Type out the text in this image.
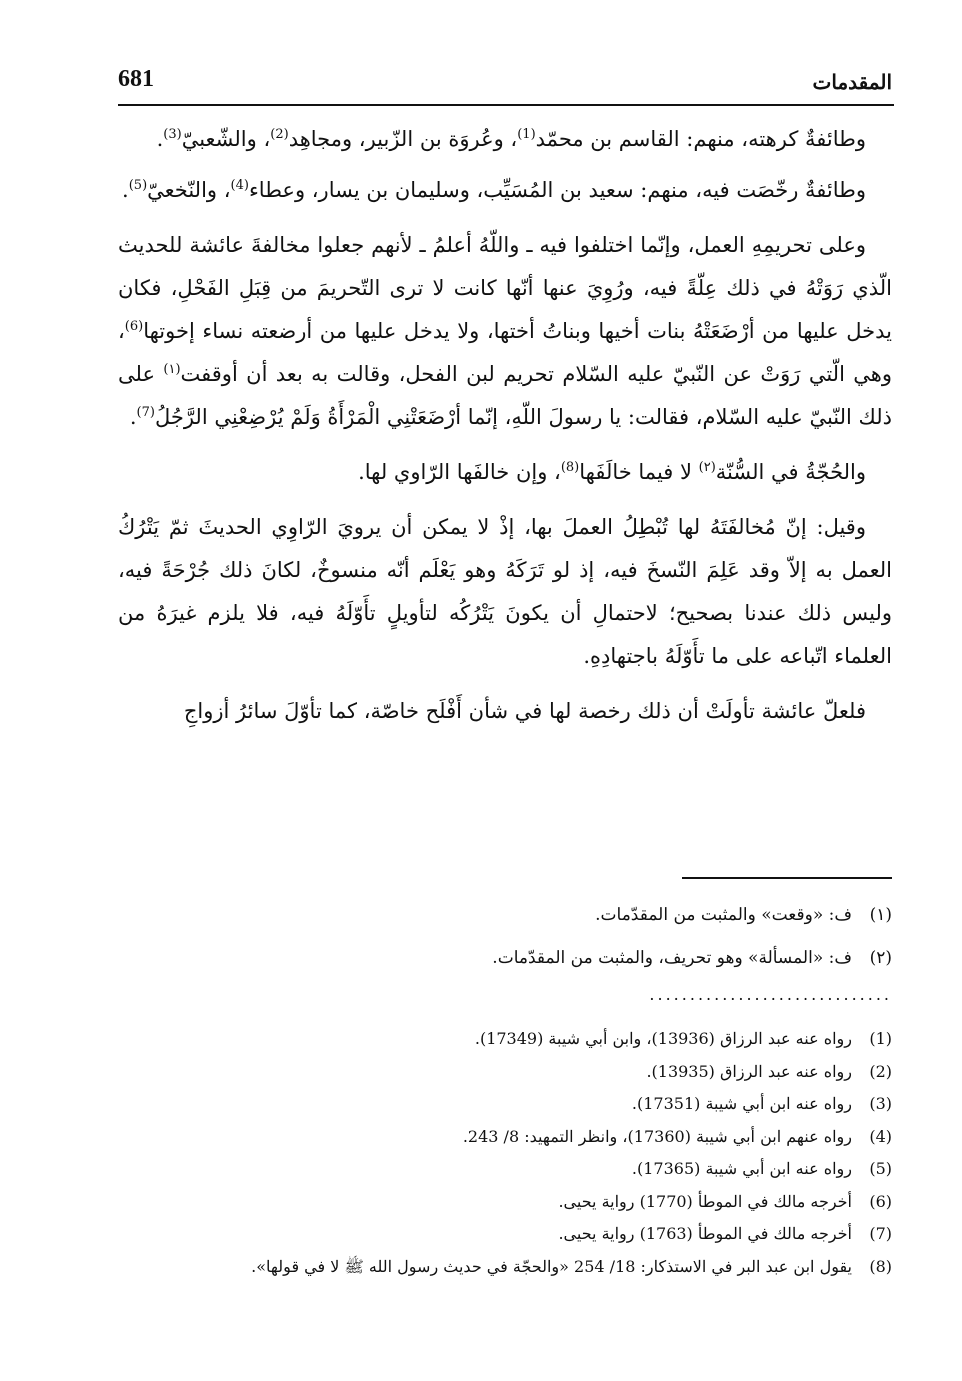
681	المقدمات

وطائفةٌ كرهته، منهم: القاسم بن محمّد$^{(1)}$، وعُروَة بن الزّبير، ومجاهِد$^{(2)}$، والشّعبيّ$^{(3)}$.

وطائفةٌ رخّصَت فيه، منهم: سعيد بن المُسَيِّب، وسليمان بن يسار، وعطاء$^{(4)}$، والنّخعيّ$^{(5)}$.

وعلى تحريمِهِ العمل، وإنّما اختلفوا فيه ـ واللّهُ أعلمُ ـ لأنهم جعلوا مخالفةَ عائشة للحديث الّذي رَوَتْهُ في ذلك عِلّةً فيه، ورُوِيَ عنها أنّها كانت لا ترى التّحريمَ من قِبَلِ الفَحْلِ، فكان يدخل عليها من أرْضَعَتْهُ بنات أخيها وبناتُ أختها، ولا يدخل عليها من أرضعته نساء إخوتها$^{(6)}$، وهي الّتي رَوَتْ عن النّبيّ عليه السّلام تحريم لبن الفحل، وقالت به بعد أن أوقفت$^{(١)}$ على ذلك النّبيّ عليه السّلام، فقالت: يا رسولَ اللّهِ، إنّما أرْضَعَتْنِي الْمَرْأَةُ وَلَمْ يُرْضِعْنِي الرَّجُلُ$^{(7)}$.

والحُجّةُ في السُّنّة$^{(٢)}$ لا فيما خالَفَها$^{(8)}$، وإن خالفَها الرّاوي لها.

وقيل: إنّ مُخالفَتَهُ لها تُبْطِلُ العملَ بها، إذْ لا يمكن أن يرويَ الرّاوِي الحديثَ ثمّ يَتْرُكُ العمل به إلاّ وقد عَلِمَ النّسخَ فيه، إذ لو تَرَكَهُ وهو يَعْلَم أنّه منسوخٌ، لكانَ ذلك جُرْحَةً فيه، وليس ذلك عندنا بصحيح؛ لاحتمالِ أن يكونَ يَتْرُكُه لتأويلٍ تأَوّلَهُ فيه، فلا يلزم غيرَهُ من العلماء اتّباعه على ما تأَوّلَهُ باجتهادِهِ.

فلعلّ عائشة تأولَتْ أن ذلك رخصة لها في شأن أَفْلَح خاصّة، كما تأوّلَ سائرُ أزواجِ

(١)
ف: «وقعت» والمثبت من المقدّمات.
(٢)
ف: «المسألة» وهو تحريف، والمثبت من المقدّمات.
..............................
(1)
رواه عنه عبد الرزاق (13936)، وابن أبي شيبة (17349).
(2)
رواه عنه عبد الرزاق (13935).
(3)
رواه عنه ابن أبي شيبة (17351).
(4)
رواه عنهم ابن أبي شيبة (17360)، وانظر التمهيد: 8/ 243.
(5)
رواه عنه ابن أبي شيبة (17365).
(6)
أخرجه مالك في الموطأ (1770) رواية يحيى.
(7)
أخرجه مالك في الموطأ (1763) رواية يحيى.
(8)
يقول ابن عبد البر في الاستذكار: 18/ 254 «والحجّة في حديث رسول الله ﷺ لا في قولها».
